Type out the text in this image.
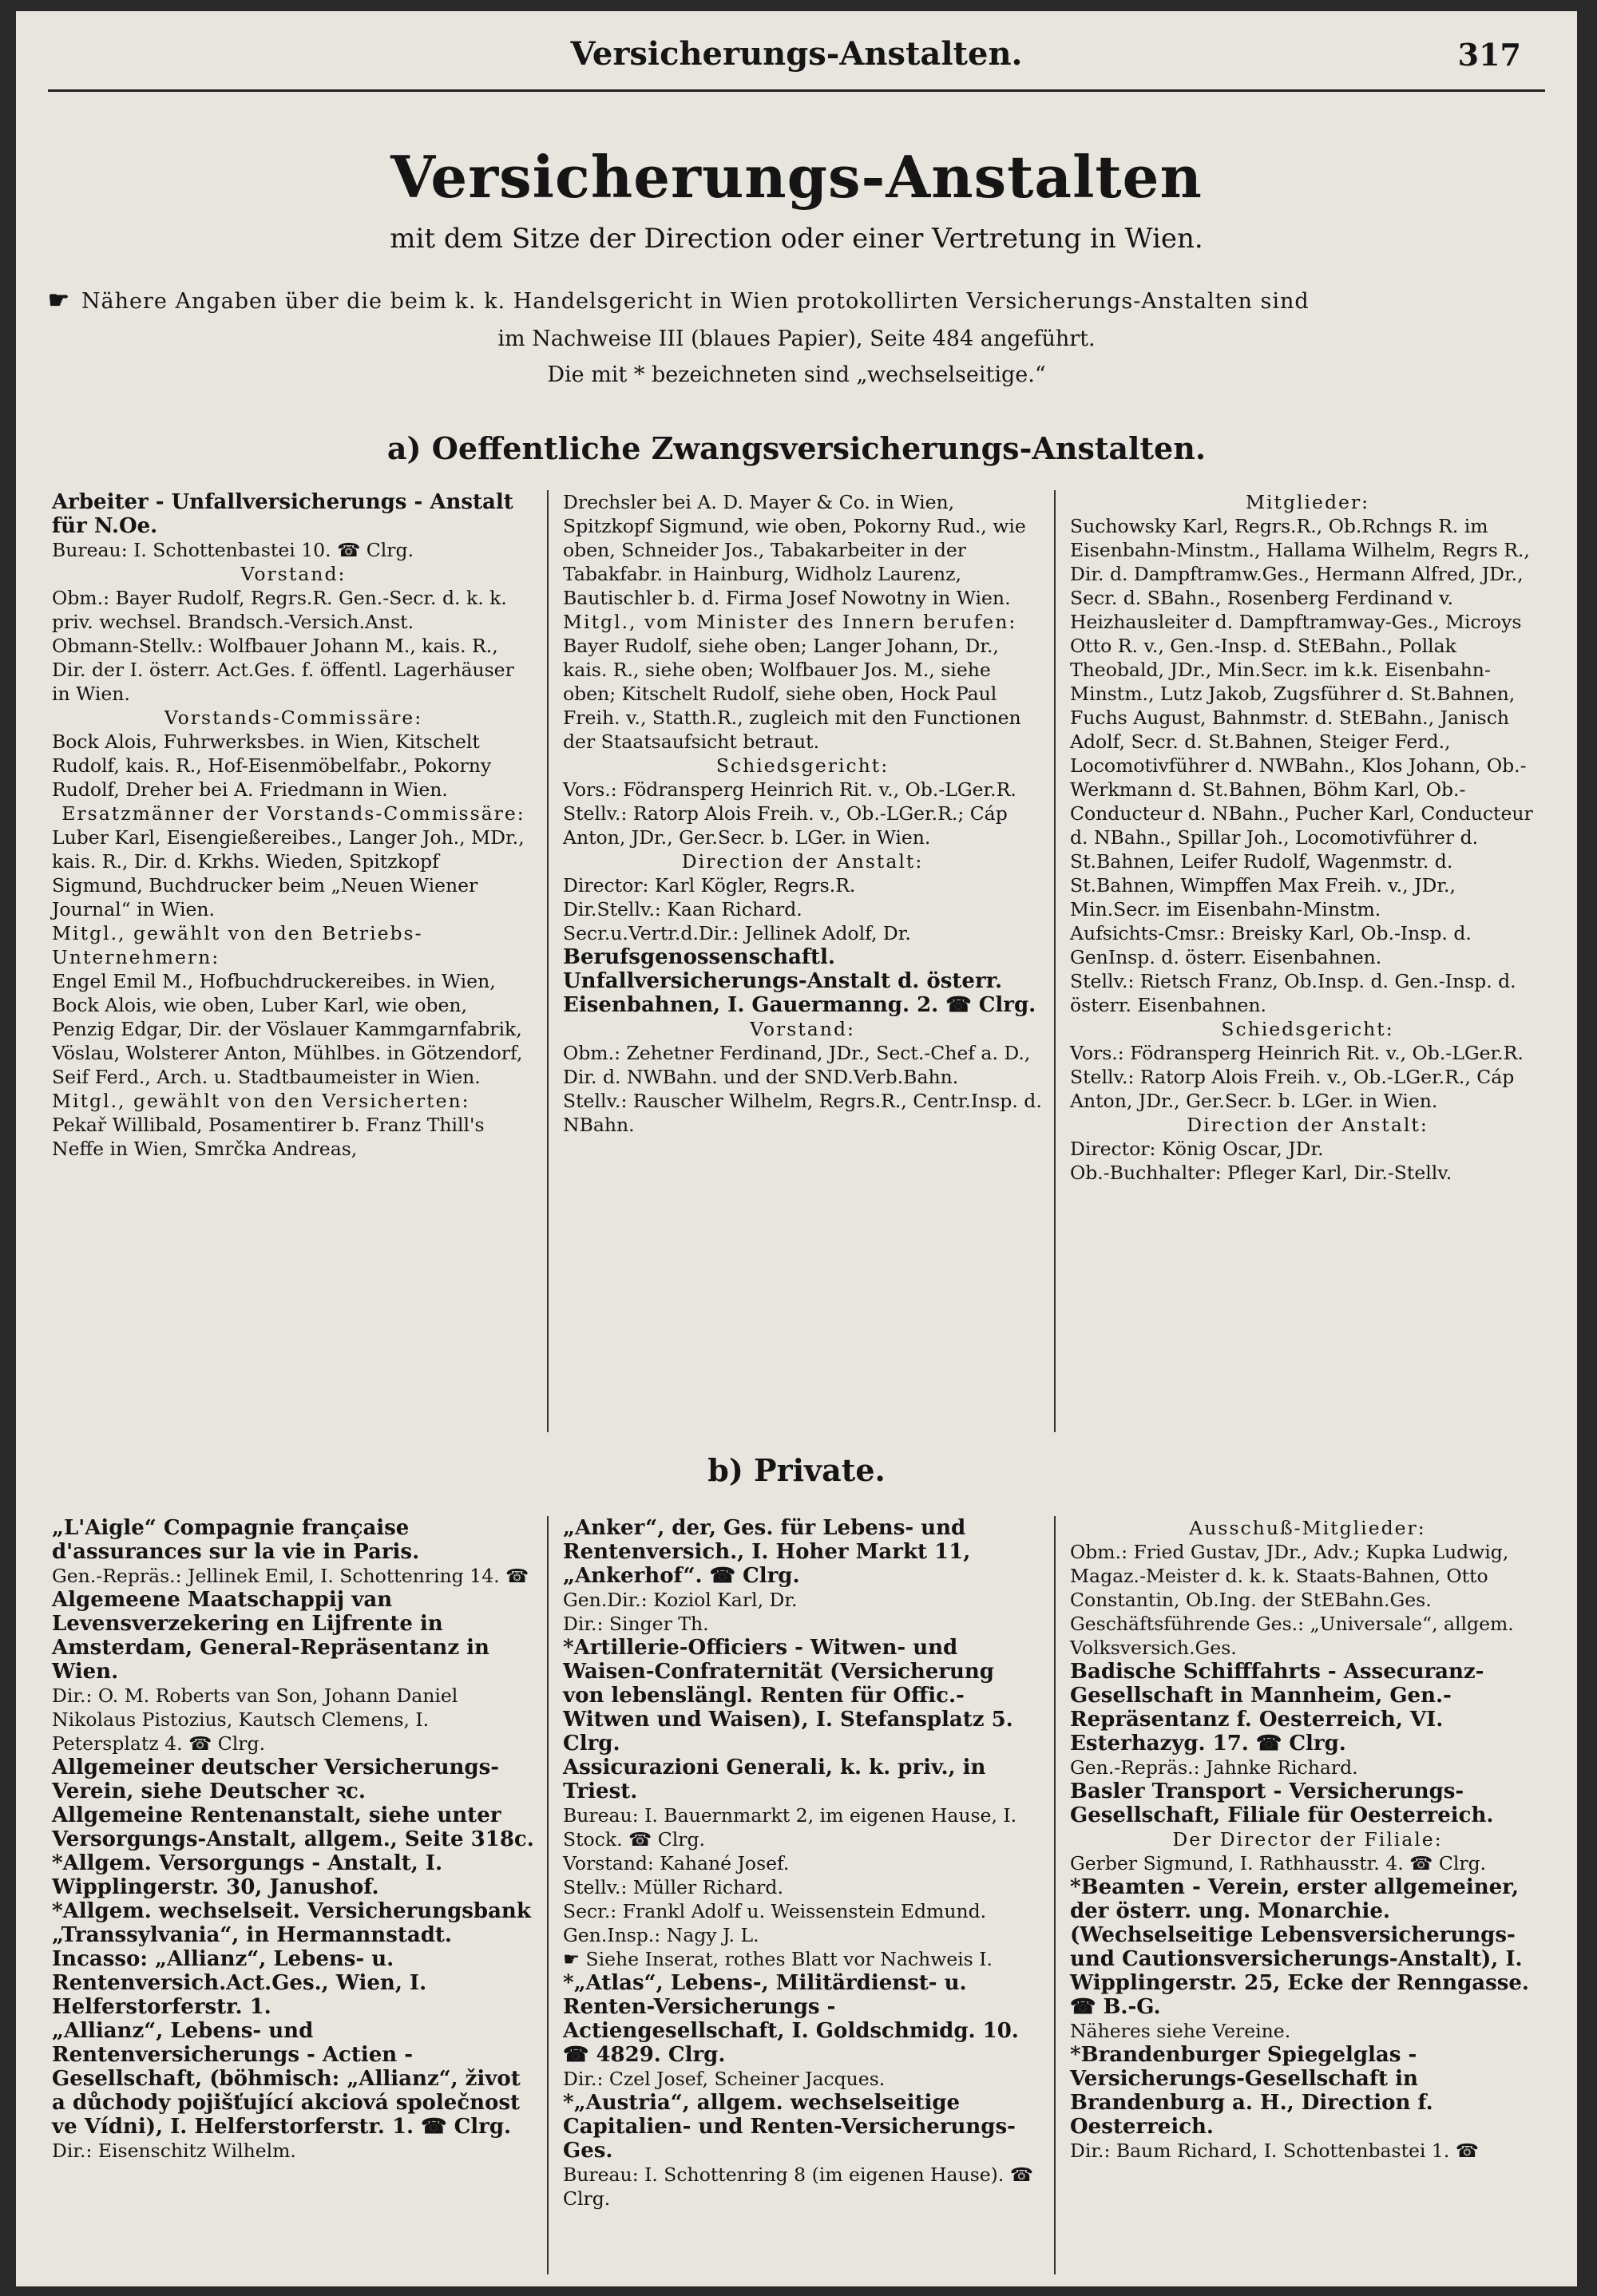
Versicherungs-Anstalten.	317
Versicherungs-Anstalten
mit dem Sitze der Direction oder einer Vertretung in Wien.
☛ Nähere Angaben über die beim k. k. Handelsgericht in Wien protokollirten Versicherungs-Anstalten sind
im Nachweise III (blaues Papier), Seite 484 angeführt.
Die mit * bezeichneten sind „wechselseitige.“
a) Oeffentliche Zwangsversicherungs-Anstalten.
Arbeiter - Unfallversicherungs - Anstalt für N.Oe.
Bureau: I. Schottenbastei 10. ☎ Clrg.
Vorstand:
Obm.: Bayer Rudolf, Regrs.R. Gen.-Secr. d. k. k. priv. wechsel. Brandsch.-Versich.Anst.
Obmann-Stellv.: Wolfbauer Johann M., kais. R., Dir. der I. österr. Act.Ges. f. öffentl. Lagerhäuser in Wien.
Vorstands-Commissäre:
Bock Alois, Fuhrwerksbes. in Wien, Kitschelt Rudolf, kais. R., Hof-Eisenmöbelfabr., Pokorny Rudolf, Dreher bei A. Friedmann in Wien.
Ersatzmänner der Vorstands-Commissäre:
Luber Karl, Eisengießereibes., Langer Joh., MDr., kais. R., Dir. d. Krkhs. Wieden, Spitzkopf Sigmund, Buchdrucker beim „Neuen Wiener Journal“ in Wien.
Mitgl., gewählt von den Betriebs-Unternehmern:
Engel Emil M., Hofbuchdruckereibes. in Wien, Bock Alois, wie oben, Luber Karl, wie oben, Penzig Edgar, Dir. der Vöslauer Kammgarnfabrik, Vöslau, Wolsterer Anton, Mühlbes. in Götzendorf, Seif Ferd., Arch. u. Stadtbaumeister in Wien.
Mitgl., gewählt von den Versicherten:
Pekař Willibald, Posamentirer b. Franz Thill's Neffe in Wien, Smrčka Andreas,
Drechsler bei A. D. Mayer & Co. in Wien, Spitzkopf Sigmund, wie oben, Pokorny Rud., wie oben, Schneider Jos., Tabakarbeiter in der Tabakfabr. in Hainburg, Widholz Laurenz, Bautischler b. d. Firma Josef Nowotny in Wien.
Mitgl., vom Minister des Innern berufen:
Bayer Rudolf, siehe oben; Langer Johann, Dr., kais. R., siehe oben; Wolfbauer Jos. M., siehe oben; Kitschelt Rudolf, siehe oben, Hock Paul Freih. v., Statth.R., zugleich mit den Functionen der Staatsaufsicht betraut.
Schiedsgericht:
Vors.: Födransperg Heinrich Rit. v., Ob.-LGer.R.
Stellv.: Ratorp Alois Freih. v., Ob.-LGer.R.; Cáp Anton, JDr., Ger.Secr. b. LGer. in Wien.
Direction der Anstalt:
Director: Karl Kögler, Regrs.R.
Dir.Stellv.: Kaan Richard.
Secr.u.Vertr.d.Dir.: Jellinek Adolf, Dr.
Berufsgenossenschaftl. Unfallversicherungs-Anstalt d. österr. Eisenbahnen, I. Gauermanng. 2. ☎ Clrg.
Vorstand:
Obm.: Zehetner Ferdinand, JDr., Sect.-Chef a. D., Dir. d. NWBahn. und der SND.Verb.Bahn.
Stellv.: Rauscher Wilhelm, Regrs.R., Centr.Insp. d. NBahn.
Mitglieder:
Suchowsky Karl, Regrs.R., Ob.Rchngs R. im Eisenbahn-Minstm., Hallama Wilhelm, Regrs R., Dir. d. Dampftramw.Ges., Hermann Alfred, JDr., Secr. d. SBahn., Rosenberg Ferdinand v. Heizhausleiter d. Dampftramway-Ges., Microys Otto R. v., Gen.-Insp. d. StEBahn., Pollak Theobald, JDr., Min.Secr. im k.k. Eisenbahn-Minstm., Lutz Jakob, Zugsführer d. St.Bahnen, Fuchs August, Bahnmstr. d. StEBahn., Janisch Adolf, Secr. d. St.Bahnen, Steiger Ferd., Locomotivführer d. NWBahn., Klos Johann, Ob.-Werkmann d. St.Bahnen, Böhm Karl, Ob.-Conducteur d. NBahn., Pucher Karl, Conducteur d. NBahn., Spillar Joh., Locomotivführer d. St.Bahnen, Leifer Rudolf, Wagenmstr. d. St.Bahnen, Wimpffen Max Freih. v., JDr., Min.Secr. im Eisenbahn-Minstm.
Aufsichts-Cmsr.: Breisky Karl, Ob.-Insp. d. GenInsp. d. österr. Eisenbahnen.
Stellv.: Rietsch Franz, Ob.Insp. d. Gen.-Insp. d. österr. Eisenbahnen.
Schiedsgericht:
Vors.: Födransperg Heinrich Rit. v., Ob.-LGer.R.
Stellv.: Ratorp Alois Freih. v., Ob.-LGer.R., Cáp Anton, JDr., Ger.Secr. b. LGer. in Wien.
Direction der Anstalt:
Director: König Oscar, JDr.
Ob.-Buchhalter: Pfleger Karl, Dir.-Stellv.
b) Private.
„L'Aigle“ Compagnie française d'assurances sur la vie in Paris.
Gen.-Repräs.: Jellinek Emil, I. Schottenring 14. ☎
Algemeene Maatschappij van Levensverzekering en Lijfrente in Amsterdam, General-Repräsentanz in Wien.
Dir.: O. M. Roberts van Son, Johann Daniel Nikolaus Pistozius, Kautsch Clemens, I. Petersplatz 4. ☎ Clrg.
Allgemeiner deutscher Versicherungs-Verein, siehe Deutscher ꝛc.
Allgemeine Rentenanstalt, siehe unter Versorgungs-Anstalt, allgem., Seite 318c.
*Allgem. Versorgungs - Anstalt, I. Wipplingerstr. 30, Janushof.
*Allgem. wechselseit. Versicherungsbank „Transsylvania“, in Hermannstadt. Incasso: „Allianz“, Lebens- u. Rentenversich.Act.Ges., Wien, I. Helferstorferstr. 1.
„Allianz“, Lebens- und Rentenversicherungs - Actien - Gesellschaft, (böhmisch: „Allianz“, život a důchody pojišťující akciová společnost ve Vídni), I. Helferstorferstr. 1. ☎ Clrg.
Dir.: Eisenschitz Wilhelm.
„Anker“, der, Ges. für Lebens- und Rentenversich., I. Hoher Markt 11, „Ankerhof“. ☎ Clrg.
Gen.Dir.: Koziol Karl, Dr.
Dir.: Singer Th.
*Artillerie-Officiers - Witwen- und Waisen-Confraternität (Versicherung von lebenslängl. Renten für Offic.-Witwen und Waisen), I. Stefansplatz 5. Clrg.
Assicurazioni Generali, k. k. priv., in Triest.
Bureau: I. Bauernmarkt 2, im eigenen Hause, I. Stock. ☎ Clrg.
Vorstand: Kahané Josef.
Stellv.: Müller Richard.
Secr.: Frankl Adolf u. Weissenstein Edmund.
Gen.Insp.: Nagy J. L.
☛ Siehe Inserat, rothes Blatt vor Nachweis I.
*„Atlas“, Lebens-, Militärdienst- u. Renten-Versicherungs - Actiengesellschaft, I. Goldschmidg. 10. ☎ 4829. Clrg.
Dir.: Czel Josef, Scheiner Jacques.
*„Austria“, allgem. wechselseitige Capitalien- und Renten-Versicherungs-Ges.
Bureau: I. Schottenring 8 (im eigenen Hause). ☎ Clrg.
Ausschuß-Mitglieder:
Obm.: Fried Gustav, JDr., Adv.; Kupka Ludwig, Magaz.-Meister d. k. k. Staats-Bahnen, Otto Constantin, Ob.Ing. der StEBahn.Ges.
Geschäftsführende Ges.: „Universale“, allgem. Volksversich.Ges.
Badische Schifffahrts - Assecuranz-Gesellschaft in Mannheim, Gen.-Repräsentanz f. Oesterreich, VI. Esterhazyg. 17. ☎ Clrg.
Gen.-Repräs.: Jahnke Richard.
Basler Transport - Versicherungs-Gesellschaft, Filiale für Oesterreich.
Der Director der Filiale:
Gerber Sigmund, I. Rathhausstr. 4. ☎ Clrg.
*Beamten - Verein, erster allgemeiner, der österr. ung. Monarchie. (Wechselseitige Lebensversicherungs- und Cautionsversicherungs-Anstalt), I. Wipplingerstr. 25, Ecke der Renngasse. ☎ B.-G.
Näheres siehe Vereine.
*Brandenburger Spiegelglas - Versicherungs-Gesellschaft in Brandenburg a. H., Direction f. Oesterreich.
Dir.: Baum Richard, I. Schottenbastei 1. ☎
